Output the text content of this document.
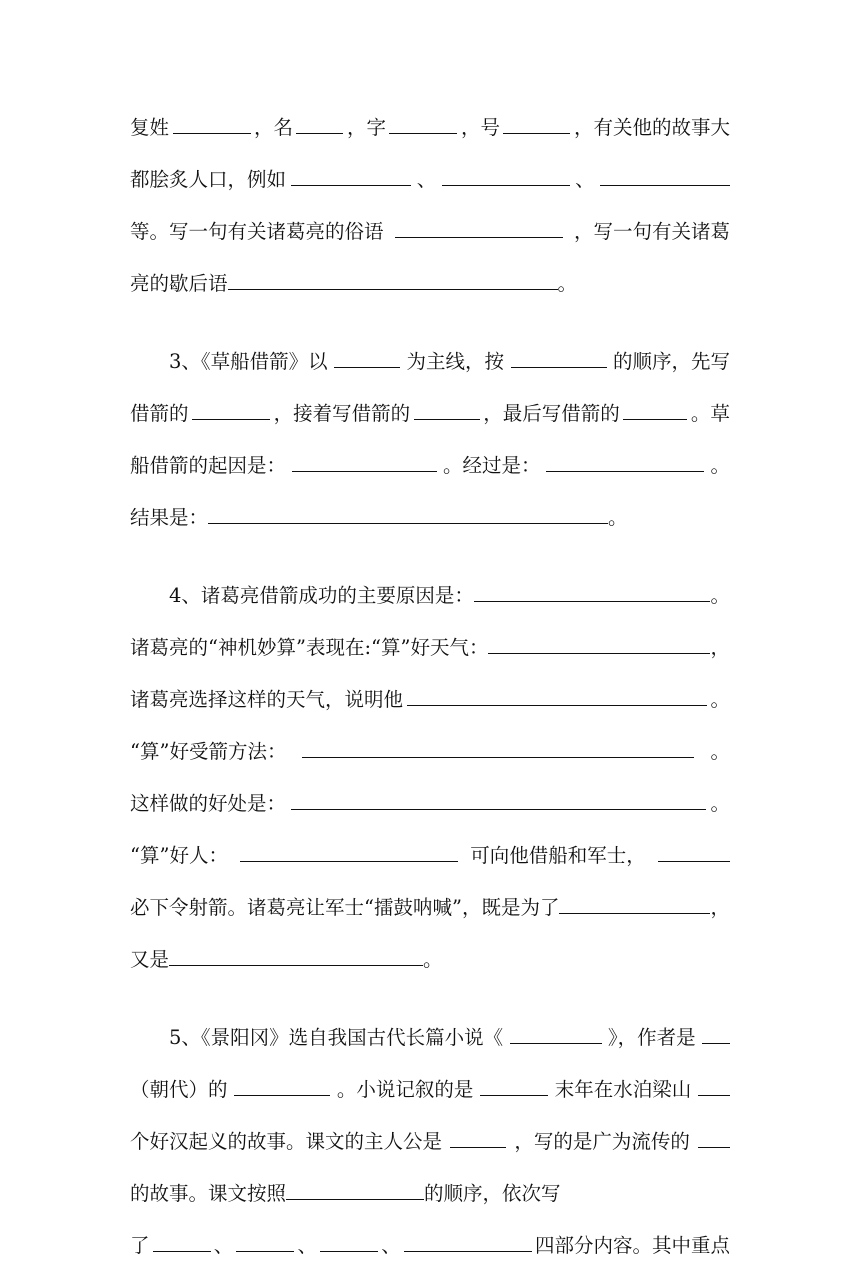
复姓	，名	，字	，号	，有关他的故事大
都脍炙人口，例如	、	、
等。写一句有关诸葛亮的俗语	，写一句有关诸葛
亮的歇后语	。
3、《草船借箭》以	为主线，按	的顺序，先写
借箭的	，接着写借箭的	，最后写借箭的	。草
船借箭的起因是：	。经过是：	。
结果是：	。
4、诸葛亮借箭成功的主要原因是：	。
诸葛亮的“神机妙算”表现在:“算”好天气：	，
诸葛亮选择这样的天气，说明他	。
“算”好受箭方法：	。
这样做的好处是：	。
“算”好人：	可向他借船和军士，
必下令射箭。诸葛亮让军士“擂鼓呐喊”，既是为了	，
又是	。
5、《景阳冈》选自我国古代长篇小说《	》，作者是
（朝代）的	。小说记叙的是	末年在水泊梁山
个好汉起义的故事。课文的主人公是	，写的是广为流传的
的故事。课文按照	的顺序，依次写
了	、	、	、	四部分内容。其中重点
